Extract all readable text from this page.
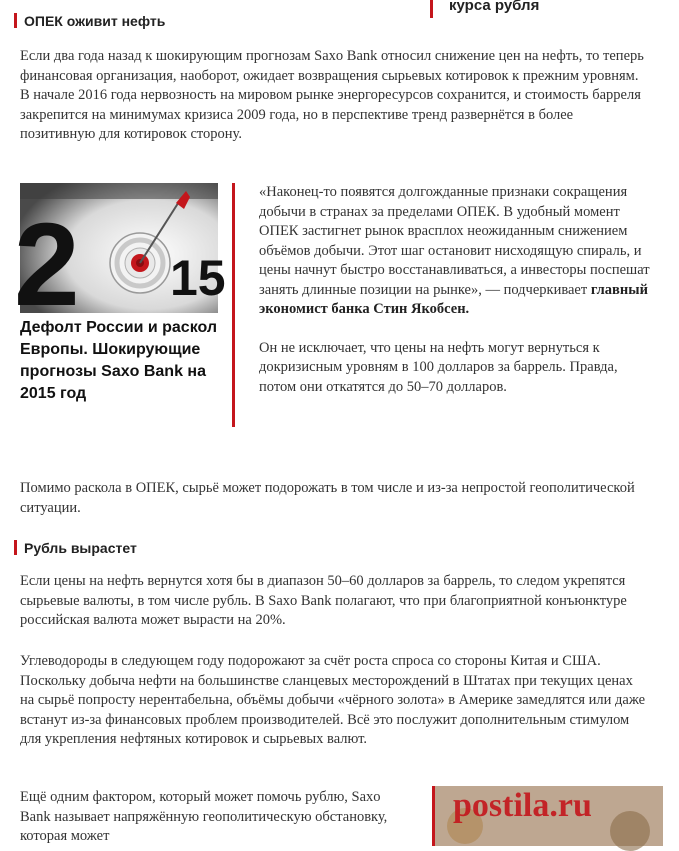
ОПЕК оживит нефть
курса рубля

Если два года назад к шокирующим прогнозам Saxo Bank относил снижение цен на нефть, то теперь финансовая организация, наоборот, ожидает возвращения сырьевых котировок к прежним уровням. В начале 2016 года нервозность на мировом рынке энергоресурсов сохранится, и стоимость барреля закрепится на минимумах кризиса 2009 года, но в перспективе тренд развернётся в более позитивную для котировок сторону.

2 15
Дефолт России и раскол Европы. Шокирующие прогнозы Saxo Bank на 2015 год

«Наконец-то появятся долгожданные признаки сокращения добычи в странах за пределами ОПЕК. В удобный момент ОПЕК застигнет рынок врасплох неожиданным снижением объёмов добычи. Этот шаг остановит нисходящую спираль, и цены начнут быстро восстанавливаться, а инвесторы поспешат занять длинные позиции на рынке», — подчеркивает главный экономист банка Стин Якобсен.

Он не исключает, что цены на нефть могут вернуться к докризисным уровням в 100 долларов за баррель. Правда, потом они откатятся до 50–70 долларов.

Помимо раскола в ОПЕК, сырьё может подорожать в том числе и из-за непростой геополитической ситуации.

Рубль вырастет

Если цены на нефть вернутся хотя бы в диапазон 50–60 долларов за баррель, то следом укрепятся сырьевые валюты, в том числе рубль. В Saxo Bank полагают, что при благоприятной конъюнктуре российская валюта может вырасти на 20%.

Углеводороды в следующем году подорожают за счёт роста спроса со стороны Китая и США. Поскольку добыча нефти на большинстве сланцевых месторождений в Штатах при текущих ценах на сырьё попросту нерентабельна, объёмы добычи «чёрного золота» в Америке замедлятся или даже встанут из-за финансовых проблем производителей. Всё это послужит дополнительным стимулом для укрепления нефтяных котировок и сырьевых валют.

Ещё одним фактором, который может помочь рублю, Saxo Bank называет напряжённую геополитическую обстановку, которая может

postila.ru
